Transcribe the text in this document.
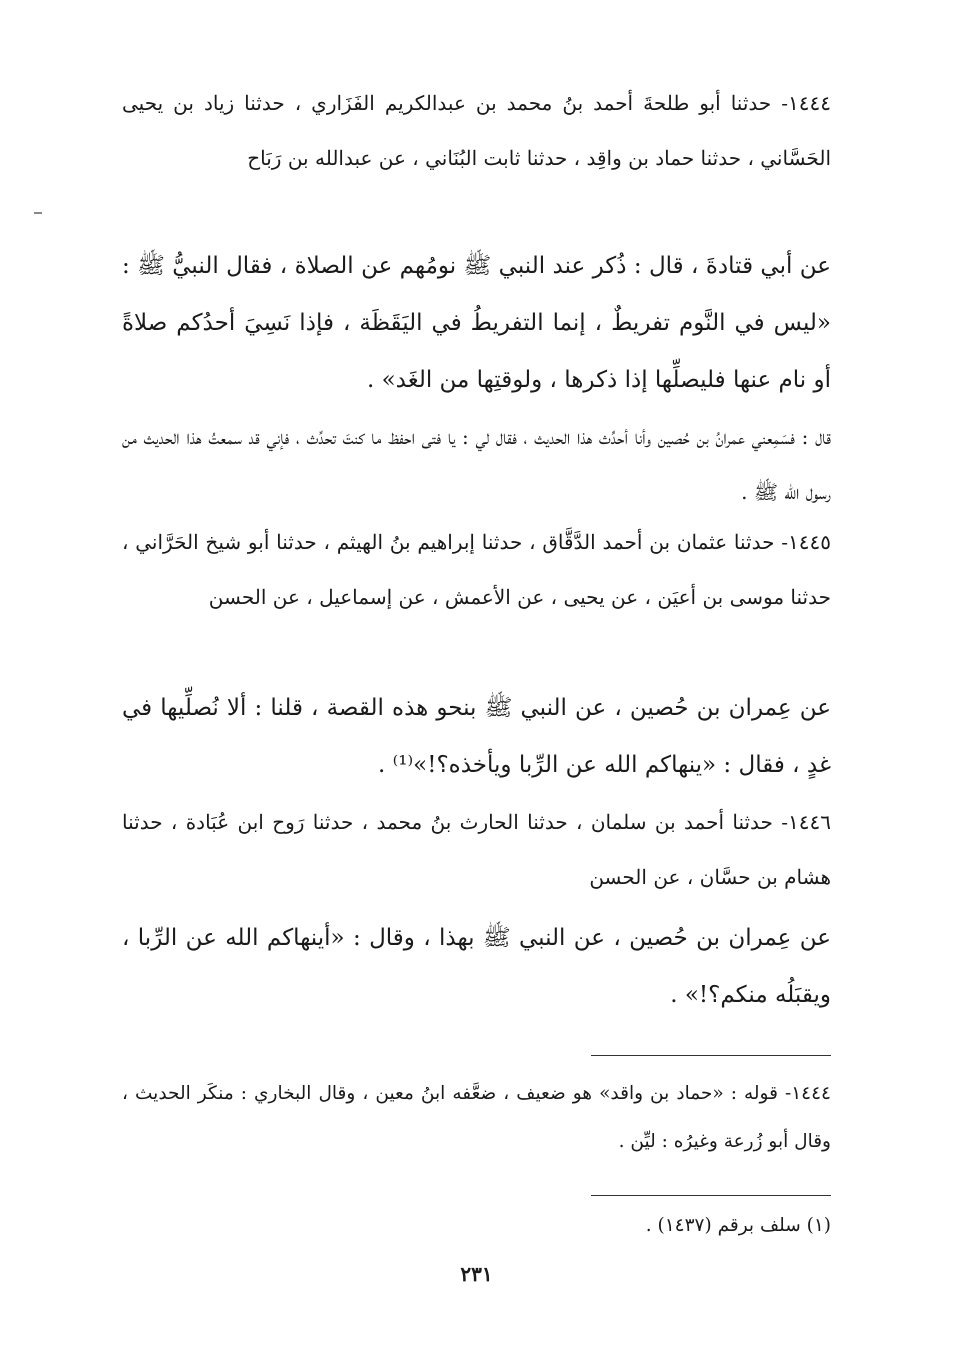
١٤٤٤- حدثنا أبو طلحةَ أحمد بنُ محمد بن عبدالكريم الفَزَاري ، حدثنا زياد بن يحيى الحَسَّاني ، حدثنا حماد بن واقِد ، حدثنا ثابت البُنَاني ، عن عبدالله بن رَبَاح

عن أبي قتادةَ ، قال : ذُكر عند النبي ﷺ نومُهم عن الصلاة ، فقال النبيُّ ﷺ : «ليس في النَّوم تفريطٌ ، إنما التفريطُ في اليَقَظَة ، فإذا نَسِيَ أحدُكم صلاةً أو نام عنها فليصلِّها إذا ذكرها ، ولوقتِها من الغَد» .

قال : فسَمِعني عمرانُ بن حُصين وأنا أحدِّث هذا الحديث ، فقال لي : يا فتى احفظ ما كنتَ تحدِّث ، فإني قد سمعتُ هذا الحديث من رسول الله ﷺ .

١٤٤٥- حدثنا عثمان بن أحمد الدَّقَّاق ، حدثنا إبراهيم بنُ الهيثم ، حدثنا أبو شيخ الحَرَّاني ، حدثنا موسى بن أعيَن ، عن يحيى ، عن الأعمش ، عن إسماعيل ، عن الحسن

عن عِمران بن حُصين ، عن النبي ﷺ بنحو هذه القصة ، قلنا : ألا نُصلِّيها في غدٍ ، فقال : «ينهاكم الله عن الرِّبا ويأخذه؟!»⁽¹⁾ .

١٤٤٦- حدثنا أحمد بن سلمان ، حدثنا الحارث بنُ محمد ، حدثنا رَوح ابن عُبَادة ، حدثنا هشام بن حسَّان ، عن الحسن

عن عِمران بن حُصين ، عن النبي ﷺ بهذا ، وقال : «أينهاكم الله عن الرِّبا ، ويقبَلُه منكم؟!» .

١٤٤٤- قوله : «حماد بن واقد» هو ضعيف ، ضعَّفه ابنُ معين ، وقال البخاري : منكَر الحديث ، وقال أبو زُرعة وغيرُه : ليِّن .

(١) سلف برقم (١٤٣٧) .

٢٣١
